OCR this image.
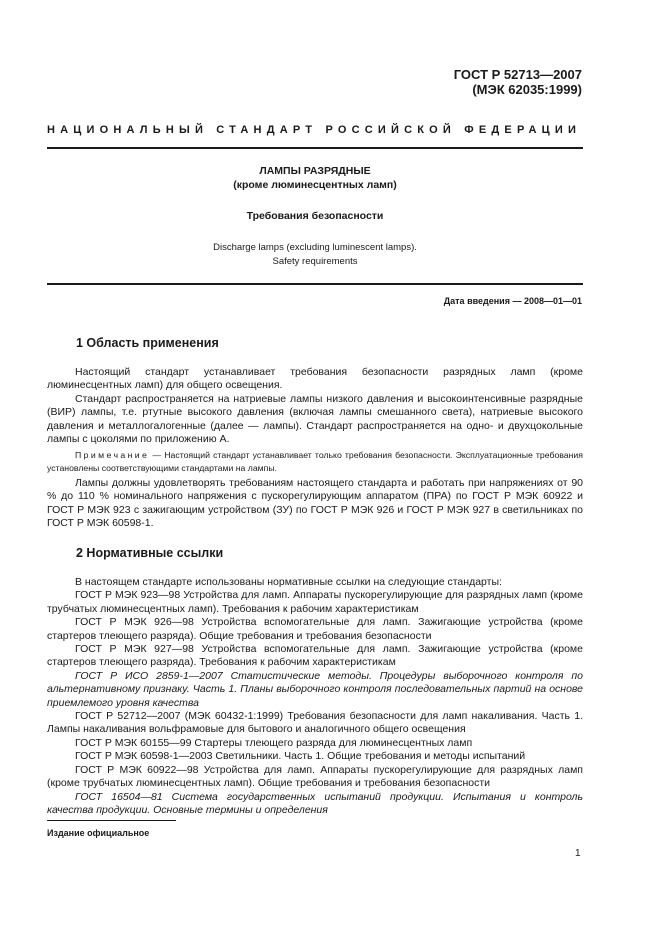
ГОСТ Р 52713—2007
(МЭК 62035:1999)
НАЦИОНАЛЬНЫЙ СТАНДАРТ РОССИЙСКОЙ ФЕДЕРАЦИИ
ЛАМПЫ РАЗРЯДНЫЕ
(кроме люминесцентных ламп)
Требования безопасности
Discharge lamps (excluding luminescent lamps).
Safety requirements
Дата введения — 2008—01—01
1 Область применения

Настоящий стандарт устанавливает требования безопасности разрядных ламп (кроме люминесцентных ламп) для общего освещения.

Стандарт распространяется на натриевые лампы низкого давления и высокоинтенсивные разрядные (ВИР) лампы, т.е. ртутные высокого давления (включая лампы смешанного света), натриевые высокого давления и металлогалогенные (далее — лампы). Стандарт распространяется на одно- и двухцокольные лампы с цоколями по приложению А.

Примечание — Настоящий стандарт устанавливает только требования безопасности. Эксплуатационные требования установлены соответствующими стандартами на лампы.

Лампы должны удовлетворять требованиям настоящего стандарта и работать при напряжениях от 90 % до 110 % номинального напряжения с пускорегулирующим аппаратом (ПРА) по ГОСТ Р МЭК 60922 и ГОСТ Р МЭК 923 с зажигающим устройством (ЗУ) по ГОСТ Р МЭК 926 и ГОСТ Р МЭК 927 в светильниках по ГОСТ Р МЭК 60598-1.

2 Нормативные ссылки

В настоящем стандарте использованы нормативные ссылки на следующие стандарты:

ГОСТ Р МЭК 923—98 Устройства для ламп. Аппараты пускорегулирующие для разрядных ламп (кроме трубчатых люминесцентных ламп). Требования к рабочим характеристикам

ГОСТ Р МЭК 926—98 Устройства вспомогательные для ламп. Зажигающие устройства (кроме стартеров тлеющего разряда). Общие требования и требования безопасности

ГОСТ Р МЭК 927—98 Устройства вспомогательные для ламп. Зажигающие устройства (кроме стартеров тлеющего разряда). Требования к рабочим характеристикам

ГОСТ Р ИСО 2859-1—2007 Статистические методы. Процедуры выборочного контроля по альтернативному признаку. Часть 1. Планы выборочного контроля последовательных партий на основе приемлемого уровня качества

ГОСТ Р 52712—2007 (МЭК 60432-1:1999) Требования безопасности для ламп накаливания. Часть 1. Лампы накаливания вольфрамовые для бытового и аналогичного общего освещения

ГОСТ Р МЭК 60155—99 Стартеры тлеющего разряда для люминесцентных ламп

ГОСТ Р МЭК 60598-1—2003 Светильники. Часть 1. Общие требования и методы испытаний

ГОСТ Р МЭК 60922—98 Устройства для ламп. Аппараты пускорегулирующие для разрядных ламп (кроме трубчатых люминесцентных ламп). Общие требования и требования безопасности

ГОСТ 16504—81 Система государственных испытаний продукции. Испытания и контроль качества продукции. Основные термины и определения

Издание официальное
1
